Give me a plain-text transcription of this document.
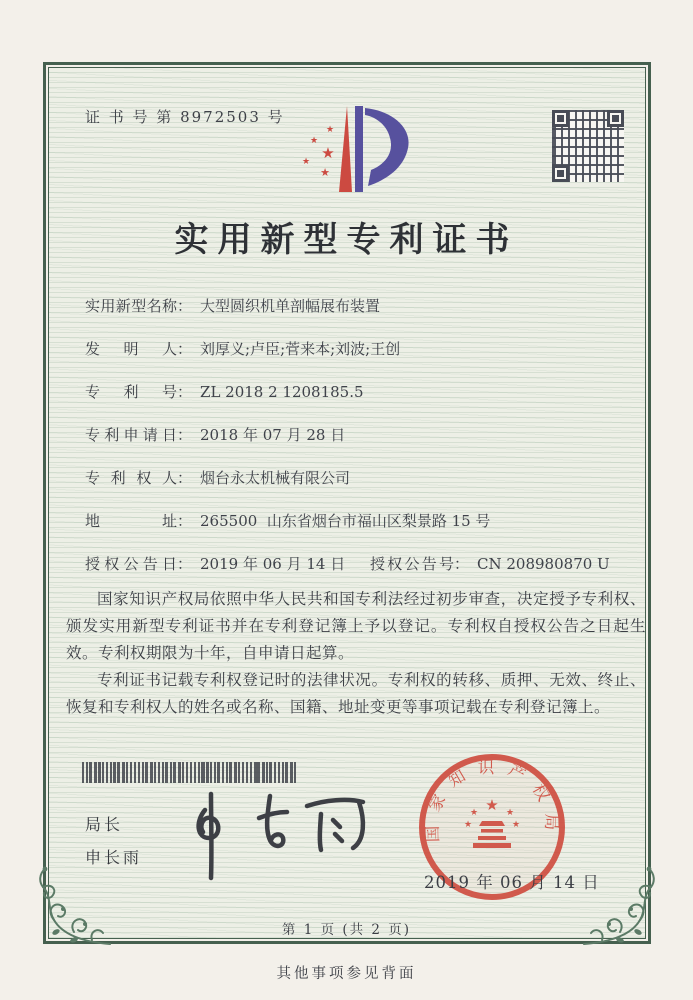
证 书 号 第 8972503 号
★
★
★
★
★
实用新型专利证书
实用新型名称： 大型圆织机单剖幅展布装置
发明人： 刘厚义;卢臣;菅来本;刘波;王创
专利号： ZL 2018 2 1208185.5
专利申请日： 2018 年 07 月 28 日
专利权人： 烟台永太机械有限公司
地址： 265500  山东省烟台市福山区梨景路 15 号
授权公告日： 2019 年 06 月 14 日 授权公告号： CN 208980870 U

国家知识产权局依照中华人民共和国专利法经过初步审查，决定授予专利权、颁发实用新型专利证书并在专利登记簿上予以登记。专利权自授权公告之日起生效。专利权期限为十年，自申请日起算。

专利证书记载专利权登记时的法律状况。专利权的转移、质押、无效、终止、恢复和专利权人的姓名或名称、国籍、地址变更等事项记载在专利登记簿上。

局长
申长雨
国家知识产权局
★
★	★
★	★
2019 年 06 月 14 日
第 1 页 (共 2 页)
其他事项参见背面
